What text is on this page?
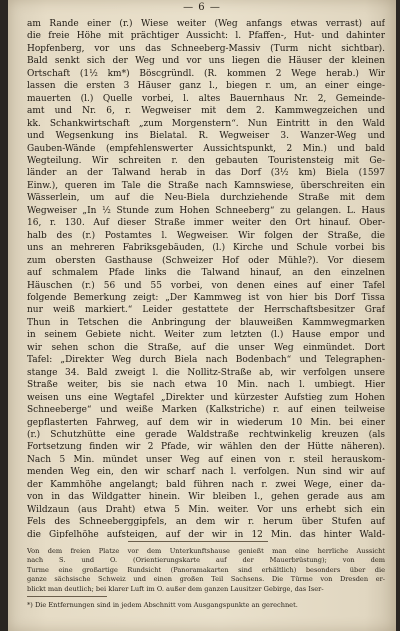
— 6 —
am Rande einer (r.) Wiese weiter (Weg anfangs etwas verrast) auf
die freie Höhe mit prächtiger Aussicht: l. Pfaffen-, Hut- und dahinter
Hopfenberg, vor uns das Schneeberg-Massiv (Turm nicht sichtbar).
Bald senkt sich der Weg und vor uns liegen die Häuser der kleinen
Ortschaft (1½ km*) Böscgründl. (R. kommen 2 Wege herab.) Wir
lassen die ersten 3 Häuser ganz l., biegen r. um, an einer einge-
mauerten (l.) Quelle vorbei, l. altes Bauernhaus Nr. 2, Gemeinde-
amt und Nr. 6, r. Wegweiser mit dem 2. Kammwegzeichen und
kk. Schankwirtschaft „zum Morgenstern“. Nun Eintritt in den Wald
und Wegsenkung ins Bielatal. R. Wegweiser 3. Wanzer-Weg und
Gauben-Wände (empfehlenswerter Aussichtspunkt, 2 Min.) und bald
Wegteilung. Wir schreiten r. den gebauten Touristensteig mit Ge-
länder an der Talwand herab in das Dorf (3½ km) Biela (1597
Einw.), queren im Tale die Straße nach Kamnswiese, überschreiten ein
Wässerlein, um auf die Neu-Biela durchziehende Straße mit dem
Wegweiser „In ½ Stunde zum Hohen Schneeberg“ zu gelangen. L. Haus
16, r. 130. Auf dieser Straße immer weiter den Ort hinauf. Ober-
halb des (r.) Postamtes l. Wegweiser. Wir folgen der Straße, die
uns an mehreren Fabriksgebäuden, (l.) Kirche und Schule vorbei bis
zum obersten Gasthause (Schweizer Hof oder Mühle?). Vor diesem
auf schmalem Pfade links die Talwand hinauf, an den einzelnen
Häuschen (r.) 56 und 55 vorbei, von denen eines auf einer Tafel
folgende Bemerkung zeigt: „Der Kammweg ist von hier bis Dorf Tissa
nur weiß markiert.“ Leider gestattete der Herrschaftsbesitzer Graf
Thun in Tetschen die Anbringung der blauweißen Kammwegmarken
in seinem Gebiete nicht. Weiter zum letzten (l.) Hause empor und
wir sehen schon die Straße, auf die unser Weg einmündet. Dort
Tafel: „Direkter Weg durch Biela nach Bodenbach“ und Telegraphen-
stange 34. Bald zweigt l. die Nollitz-Straße ab, wir verfolgen unsere
Straße weiter, bis sie nach etwa 10 Min. nach l. umbiegt. Hier
weisen uns eine Wegtafel „Direkter und kürzester Aufstieg zum Hohen
Schneeberge“ und weiße Marken (Kalkstriche) r. auf einen teilweise
gepflasterten Fahrweg, auf dem wir in wiederum 10 Min. bei einer
(r.) Schutzhütte eine gerade Waldstraße rechtwinkelig kreuzen (als
Fortsetzung finden wir 2 Pfade, wir wählen den der Hütte näheren).
Nach 5 Min. mündet unser Weg auf einen von r. steil herauskom-
menden Weg ein, den wir scharf nach l. verfolgen. Nun sind wir auf
der Kammhöhe angelangt; bald führen nach r. zwei Wege, einer da-
von in das Wildgatter hinein. Wir bleiben l., gehen gerade aus am
Wildzaun (aus Draht) etwa 5 Min. weiter. Vor uns erhebt sich ein
Fels des Schneeberggipfels, an dem wir r. herum über Stufen auf
die Gipfelhöhe aufsteigen, auf der wir in 12 Min. das hinter Wald-
Von dem freien Platze vor dem Unterkunftshause genießt man eine herrliche Aussicht
nach S. und O. (Orientierungskarte auf der Mauerbrüstung); von dem
Turme eine großartige Rundsicht (Panoramakarten sind erhältlich) besonders über die
ganze sächsische Schweiz und einen großen Teil Sachsens. Die Türme von Dresden er-
blickt man deutlich; bei klarer Luft im O. außer dem ganzen Lausitzer Gebirge, das Iser-
*) Die Entfernungen sind in jedem Abschnitt vom Ausgangspunkte an gerechnet.
